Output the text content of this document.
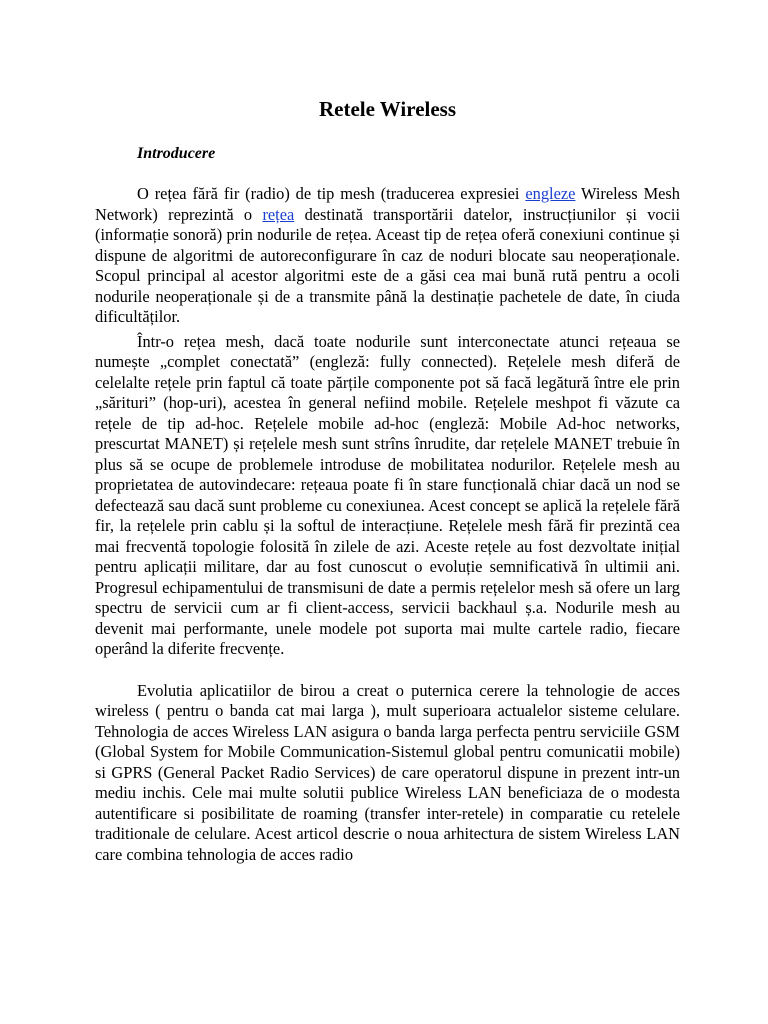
Retele Wireless
Introducere

O rețea fără fir (radio) de tip mesh (traducerea expresiei engleze Wireless Mesh Network) reprezintă o rețea destinată transportării datelor, instrucțiunilor și vocii (informație sonoră) prin nodurile de rețea. Aceast tip de rețea oferă conexiuni continue și dispune de algoritmi de autoreconfigurare în caz de noduri blocate sau neoperaționale. Scopul principal al acestor algoritmi este de a găsi cea mai bună rută pentru a ocoli nodurile neoperaționale și de a transmite până la destinație pachetele de date, în ciuda dificultăților.

Într-o rețea mesh, dacă toate nodurile sunt interconectate atunci rețeaua se numește „complet conectată” (engleză: fully connected). Rețelele mesh diferă de celelalte rețele prin faptul că toate părțile componente pot să facă legătură între ele prin „sărituri” (hop-uri), acestea în general nefiind mobile. Rețelele meshpot fi văzute ca rețele de tip ad-hoc. Rețelele mobile ad-hoc (engleză: Mobile Ad-hoc networks, prescurtat MANET) și rețelele mesh sunt strîns înrudite, dar rețelele MANET trebuie în plus să se ocupe de problemele introduse de mobilitatea nodurilor. Rețelele mesh au proprietatea de autovindecare: rețeaua poate fi în stare funcțională chiar dacă un nod se defectează sau dacă sunt probleme cu conexiunea. Acest concept se aplică la rețelele fără fir, la rețelele prin cablu și la softul de interacțiune. Rețelele mesh fără fir prezintă cea mai frecventă topologie folosită în zilele de azi. Aceste rețele au fost dezvoltate inițial pentru aplicații militare, dar au fost cunoscut o evoluție semnificativă în ultimii ani. Progresul echipamentului de transmisuni de date a permis rețelelor mesh să ofere un larg spectru de servicii cum ar fi client-access, servicii backhaul ș.a. Nodurile mesh au devenit mai performante, unele modele pot suporta mai multe cartele radio, fiecare operând la diferite frecvențe.

Evolutia aplicatiilor de birou a creat o puternica cerere la tehnologie de acces wireless ( pentru o banda cat mai larga ), mult superioara actualelor sisteme celulare. Tehnologia de acces Wireless LAN asigura o banda larga perfecta pentru serviciile GSM (Global System for Mobile Communication-Sistemul global pentru comunicatii mobile) si GPRS (General Packet Radio Services) de care operatorul dispune in prezent intr-un mediu inchis. Cele mai multe solutii publice Wireless LAN beneficiaza de o modesta autentificare si posibilitate de roaming (transfer inter-retele) in comparatie cu retelele traditionale de celulare. Acest articol descrie o noua arhitectura de sistem Wireless LAN care combina tehnologia de acces radio
